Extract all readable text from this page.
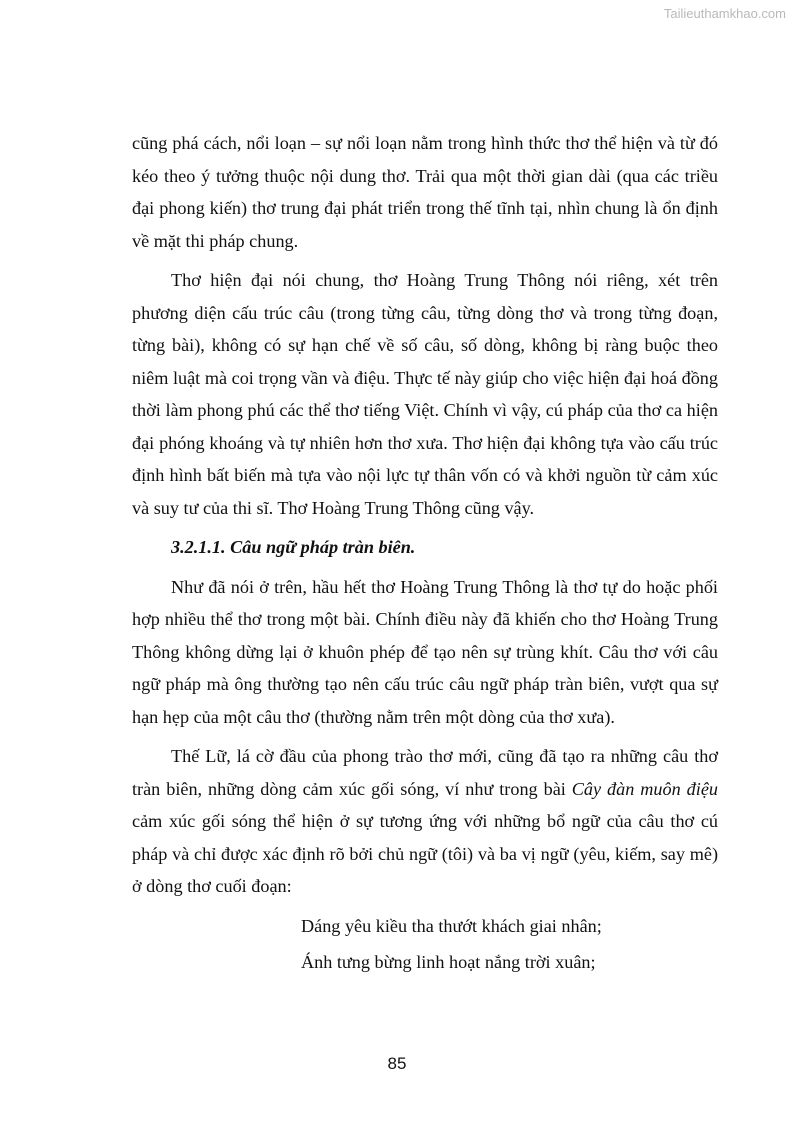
Tailieuthamkhao.com

cũng phá cách, nổi loạn – sự nổi loạn nằm trong hình thức thơ thể hiện và từ đó kéo theo ý tưởng thuộc nội dung thơ. Trải qua một thời gian dài (qua các triều đại phong kiến) thơ trung đại phát triển trong thế tĩnh tại, nhìn chung là ổn định về mặt thi pháp chung.

Thơ hiện đại nói chung, thơ Hoàng Trung Thông nói riêng, xét trên phương diện cấu trúc câu (trong từng câu, từng dòng thơ và trong từng đoạn, từng bài), không có sự hạn chế về số câu, số dòng, không bị ràng buộc theo niêm luật mà coi trọng vần và điệu. Thực tế này giúp cho việc hiện đại hoá đồng thời làm phong phú các thể thơ tiếng Việt. Chính vì vậy, cú pháp của thơ ca hiện đại phóng khoáng và tự nhiên hơn thơ xưa. Thơ hiện đại không tựa vào cấu trúc định hình bất biến mà tựa vào nội lực tự thân vốn có và khởi nguồn từ cảm xúc và suy tư của thi sĩ. Thơ Hoàng Trung Thông cũng vậy.

3.2.1.1. Câu ngữ pháp tràn biên.

Như đã nói ở trên, hầu hết thơ Hoàng Trung Thông là thơ tự do hoặc phối hợp nhiều thể thơ trong một bài. Chính điều này đã khiến cho thơ Hoàng Trung Thông không dừng lại ở khuôn phép để tạo nên sự trùng khít. Câu thơ với câu ngữ pháp mà ông thường tạo nên cấu trúc câu ngữ pháp tràn biên, vượt qua sự hạn hẹp của một câu thơ (thường nằm trên một dòng của thơ xưa).

Thế Lữ, lá cờ đầu của phong trào thơ mới, cũng đã tạo ra những câu thơ tràn biên, những dòng cảm xúc gối sóng, ví như trong bài Cây đàn muôn điệu cảm xúc gối sóng thể hiện ở sự tương ứng với những bổ ngữ của câu thơ cú pháp và chỉ được xác định rõ bởi chủ ngữ (tôi) và ba vị ngữ (yêu, kiếm, say mê) ở dòng thơ cuối đoạn:

Dáng yêu kiều tha thướt khách giai nhân;

Ánh tưng bừng linh hoạt nắng trời xuân;

85
